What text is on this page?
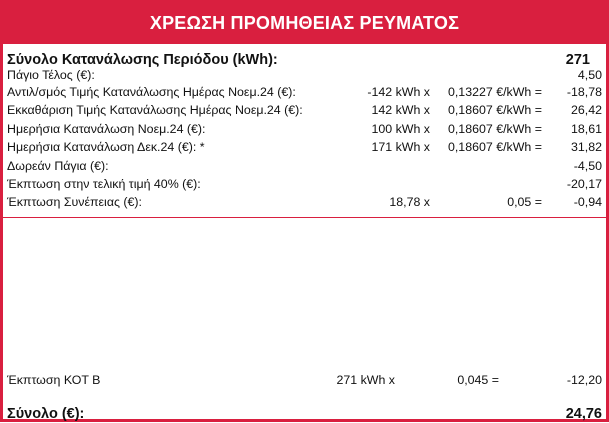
ΧΡΕΩΣΗ ΠΡΟΜΗΘΕΙΑΣ ΡΕΥΜΑΤΟΣ
Σύνολο Κατανάλωσης Περιόδου (kWh):	271
Πάγιο Τέλος (€):	4,50
Αντιλ/σμός Τιμής Κατανάλωσης Ημέρας Νοεμ.24 (€):	-142 kWh x 0,13227 €/kWh = -18,78
Εκκαθάριση Τιμής Κατανάλωσης Ημέρας Νοεμ.24 (€):	142 kWh x 0,18607 €/kWh = 26,42
Ημερήσια Κατανάλωση Νοεμ.24 (€):	100 kWh x 0,18607 €/kWh = 18,61
Ημερήσια Κατανάλωση Δεκ.24 (€): *	171 kWh x 0,18607 €/kWh = 31,82
Δωρεάν Πάγια (€):	-4,50
Έκπτωση στην τελική τιμή 40% (€):	-20,17
Έκπτωση Συνέπειας (€):	18,78 x	0,05 =	-0,94
Έκπτωση ΚΟΤ Β	271 kWh x	0,045 =	-12,20
Σύνολο (€):	24,76
